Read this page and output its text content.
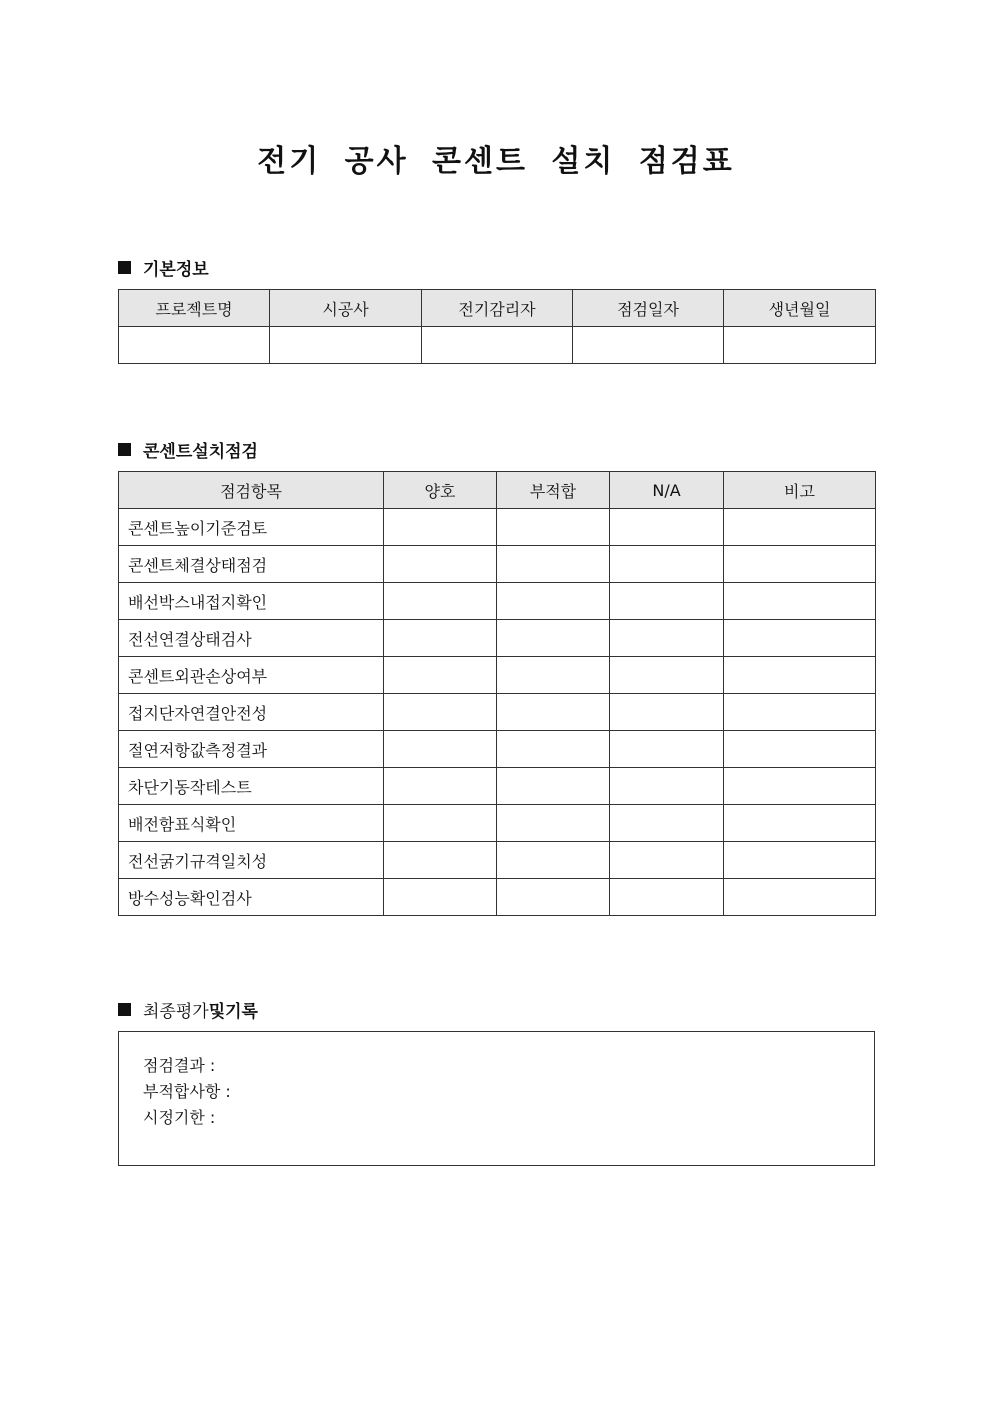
전기 공사 콘센트 설치 점검표
기본정보
프로젝트명	시공사	전기감리자	점검일자	생년월일

콘센트설치점검
점검항목	양호	부적합	N/A	비고
콘센트높이기준검토				
콘센트체결상태점검				
배선박스내접지확인				
전선연결상태검사				
콘센트외관손상여부				
접지단자연결안전성				
절연저항값측정결과				
차단기동작테스트				
배전함표식확인				
전선굵기규격일치성				
방수성능확인검사				
최종평가 및기록
점검결과 :
부적합사항 :
시정기한 :
